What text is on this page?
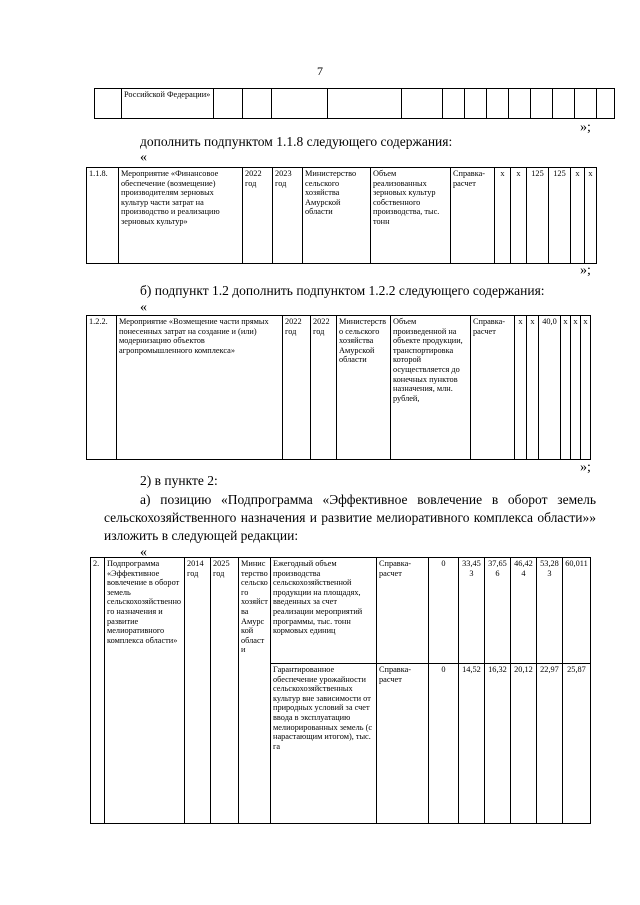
7
	Российской Федерации»													
»;
дополнить подпунктом 1.1.8 следующего содержания:
«
1.1.8.	Мероприятие «Финансовое обеспечение (возмещение) производителям зерновых культур части затрат на производство и реализацию зерновых культур»	2022 год	2023 год	Министерство сельского хозяйства Амурской области	Объем реализованных зерновых культур собственного производства, тыс. тонн	Справка-расчет	х	х	125	125	х	х
»;
б) подпункт 1.2 дополнить подпунктом 1.2.2 следующего содержания:
«
1.2.2.	Мероприятие «Возмещение части прямых понесенных затрат на создание и (или) модернизацию объектов агропромышленного комплекса»	2022 год	2022 год	Министерство сельского хозяйства Амурской области	Объем произведенной на объекте продукции, транспортировка которой осуществляется до конечных пунктов назначения, млн. рублей,	Справка-расчет	х	х	40,0	х	х	х
»;
2) в пункте 2:
а) позицию «Подпрограмма «Эффективное вовлечение в оборот земель сельскохозяйственного назначения и развитие мелиоративного комплекса области»» изложить в следующей редакции:
«
2.	Подпрограмма «Эффективное вовлечение в оборот земель сельскохозяйственного назначения и развитие мелиоративного комплекса области»	2014 год	2025 год	Министерство сельского хозяйства Амурской области	Ежегодный объем производства сельскохозяйственной продукции на площадях, введенных за счет реализации мероприятий программы, тыс. тонн кормовых единиц	Справка-расчет	0	33,453	37,656	46,424	53,283	60,011
					Гарантированное обеспечение урожайности сельскохозяйственных культур вне зависимости от природных условий за счет ввода в эксплуатацию мелиорированных земель (с нарастающим итогом), тыс. га	Справка-расчет	0	14,52	16,32	20,12	22,97	25,87
